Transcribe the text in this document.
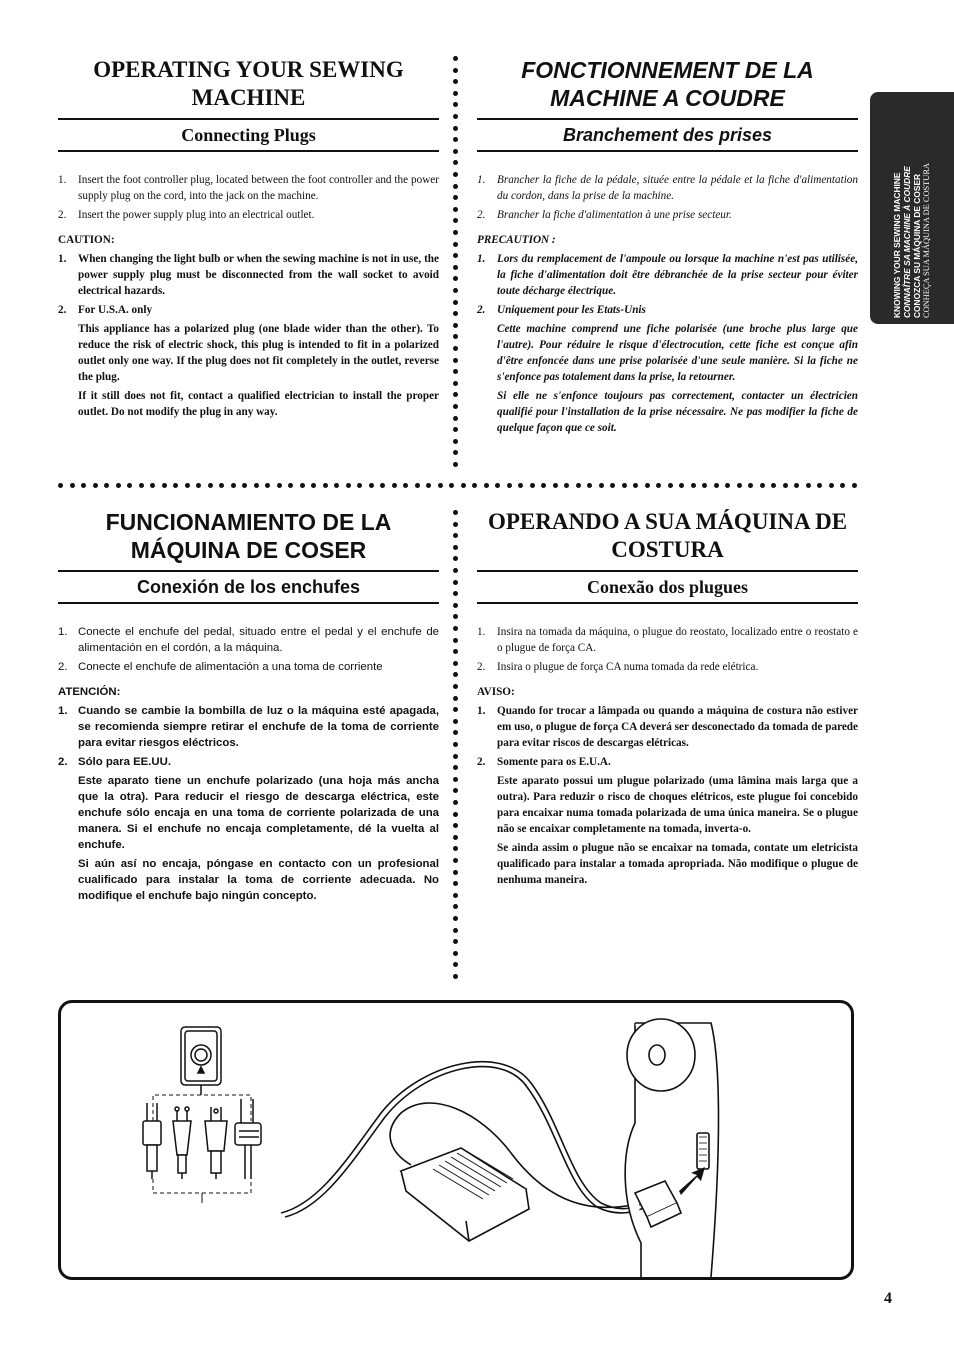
KNOWING YOUR SEWING MACHINE CONNAÎTRE SA MACHINE À COUDRE CONOZCA SU MÁQUINA DE COSER CONHEÇA SUA MÁQUINA DE COSTURA
OPERATING YOUR SEWING MACHINE
Connecting Plugs
1. Insert the foot controller plug, located between the foot controller and the power supply plug on the cord, into the jack on the machine.
2. Insert the power supply plug into an electrical outlet.
CAUTION:
1. When changing the light bulb or when the sewing machine is not in use, the power supply plug must be disconnected from the wall socket to avoid electrical hazards.
2. For U.S.A. only
This appliance has a polarized plug (one blade wider than the other). To reduce the risk of electric shock, this plug is intended to fit in a polarized outlet only one way. If the plug does not fit completely in the outlet, reverse the plug.
If it still does not fit, contact a qualified electrician to install the proper outlet. Do not modify the plug in any way.
FONCTIONNEMENT DE LA MACHINE A COUDRE
Branchement des prises
1. Brancher la fiche de la pédale, située entre la pédale et la fiche d'alimentation du cordon, dans la prise de la machine.
2. Brancher la fiche d'alimentation à une prise secteur.
PRECAUTION :
1. Lors du remplacement de l'ampoule ou lorsque la machine n'est pas utilisée, la fiche d'alimentation doit être débranchée de la prise secteur pour éviter toute décharge électrique.
2. Uniquement pour les Etats-Unis
Cette machine comprend une fiche polarisée (une broche plus large que l'autre). Pour réduire le risque d'électrocution, cette fiche est conçue afin d'être enfoncée dans une prise polarisée d'une seule manière. Si la fiche ne s'enfonce pas totalement dans la prise, la retourner.
Si elle ne s'enfonce toujours pas correctement, contacter un électricien qualifié pour l'installation de la prise nécessaire. Ne pas modifier la fiche de quelque façon que ce soit.
FUNCIONAMIENTO DE LA MÁQUINA DE COSER
Conexión de los enchufes
1. Conecte el enchufe del pedal, situado entre el pedal y el enchufe de alimentación en el cordón, a la máquina.
2. Conecte el enchufe de alimentación a una toma de corriente
ATENCIÓN:
1. Cuando se cambie la bombilla de luz o la máquina esté apagada, se recomienda siempre retirar el enchufe de la toma de corriente para evitar riesgos eléctricos.
2. Sólo para EE.UU.
Este aparato tiene un enchufe polarizado (una hoja más ancha que la otra). Para reducir el riesgo de descarga eléctrica, este enchufe sólo encaja en una toma de corriente polarizada de una manera. Si el enchufe no encaja completamente, dé la vuelta al enchufe.
Si aún así no encaja, póngase en contacto con un profesional cualificado para instalar la toma de corriente adecuada. No modifique el enchufe bajo ningún concepto.
OPERANDO A SUA MÁQUINA DE COSTURA
Conexão dos plugues
1. Insira na tomada da máquina, o plugue do reostato, localizado entre o reostato e o plugue de força CA.
2. Insira o plugue de força CA numa tomada da rede elétrica.
AVISO:
1. Quando for trocar a lâmpada ou quando a máquina de costura não estiver em uso, o plugue de força CA deverá ser desconectado da tomada de parede para evitar riscos de descargas elétricas.
2. Somente para os E.U.A.
Este aparato possui um plugue polarizado (uma lâmina mais larga que a outra). Para reduzir o risco de choques elétricos, este plugue foi concebido para encaixar numa tomada polarizada de uma única maneira. Se o plugue não se encaixar completamente na tomada, inverta-o.
Se ainda assim o plugue não se encaixar na tomada, contate um eletricista qualificado para instalar a tomada apropriada. Não modifique o plugue de nenhuma maneira.
4
